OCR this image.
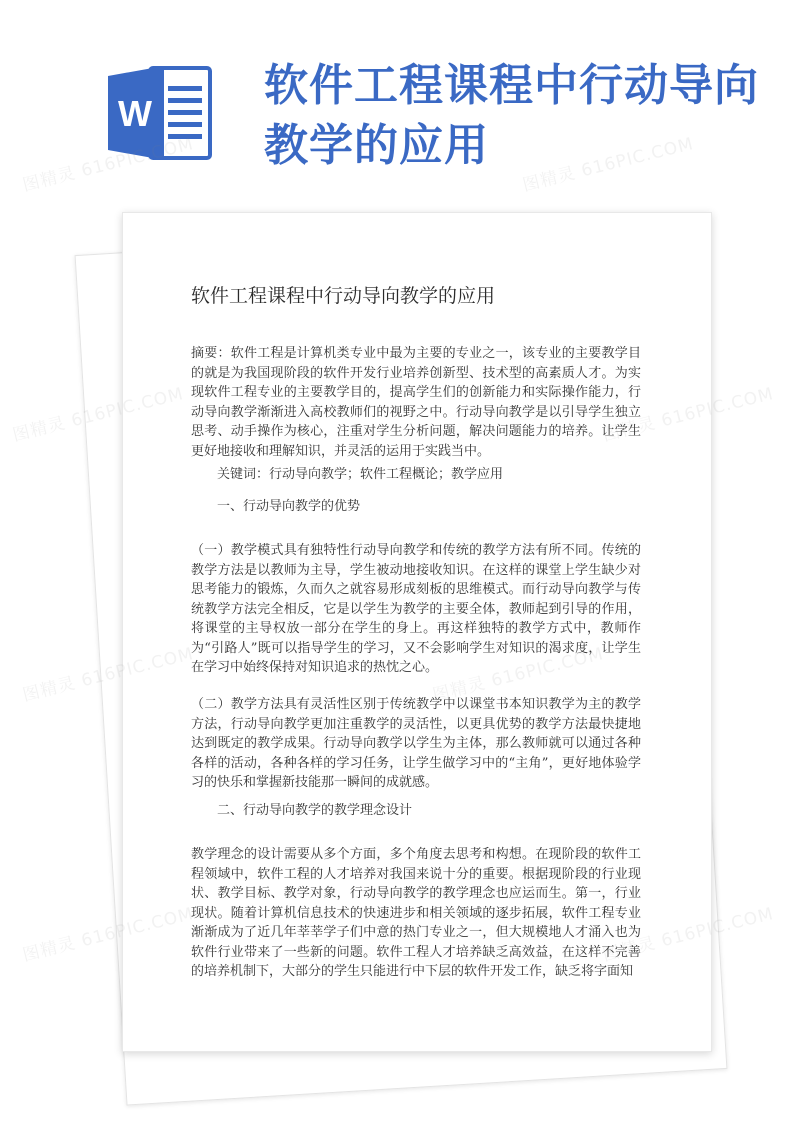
W
软件工程课程中行动导向教学的应用
软件工程课程中行动导向教学的应用

摘要：软件工程是计算机类专业中最为主要的专业之一，该专业的主要教学目的就是为我国现阶段的软件开发行业培养创新型、技术型的高素质人才。为实现软件工程专业的主要教学目的，提高学生们的创新能力和实际操作能力，行动导向教学渐渐进入高校教师们的视野之中。行动导向教学是以引导学生独立思考、动手操作为核心，注重对学生分析问题，解决问题能力的培养。让学生更好地接收和理解知识，并灵活的运用于实践当中。

关键词：行动导向教学；软件工程概论；教学应用

一、行动导向教学的优势

（一）教学模式具有独特性行动导向教学和传统的教学方法有所不同。传统的教学方法是以教师为主导，学生被动地接收知识。在这样的课堂上学生缺少对思考能力的锻炼，久而久之就容易形成刻板的思维模式。而行动导向教学与传统教学方法完全相反，它是以学生为教学的主要全体，教师起到引导的作用，将课堂的主导权放一部分在学生的身上。再这样独特的教学方式中，教师作为“引路人”既可以指导学生的学习，又不会影响学生对知识的渴求度，让学生在学习中始终保持对知识追求的热忱之心。

（二）教学方法具有灵活性区别于传统教学中以课堂书本知识教学为主的教学方法，行动导向教学更加注重教学的灵活性，以更具优势的教学方法最快捷地达到既定的教学成果。行动导向教学以学生为主体，那么教师就可以通过各种各样的活动，各种各样的学习任务，让学生做学习中的“主角”，更好地体验学习的快乐和掌握新技能那一瞬间的成就感。

二、行动导向教学的教学理念设计

教学理念的设计需要从多个方面，多个角度去思考和构想。在现阶段的软件工程领域中，软件工程的人才培养对我国来说十分的重要。根据现阶段的行业现状、教学目标、教学对象，行动导向教学的教学理念也应运而生。第一，行业现状。随着计算机信息技术的快速进步和相关领域的逐步拓展，软件工程专业渐渐成为了近几年莘莘学子们中意的热门专业之一，但大规模地人才涌入也为软件行业带来了一些新的问题。软件工程人才培养缺乏高效益，在这样不完善的培养机制下，大部分的学生只能进行中下层的软件开发工作，缺乏将字面知

图精灵 616PIC.COM	图精灵 616PIC.COM
图精灵	616PIC.COM
图精灵
图精灵 616PIC.COM
